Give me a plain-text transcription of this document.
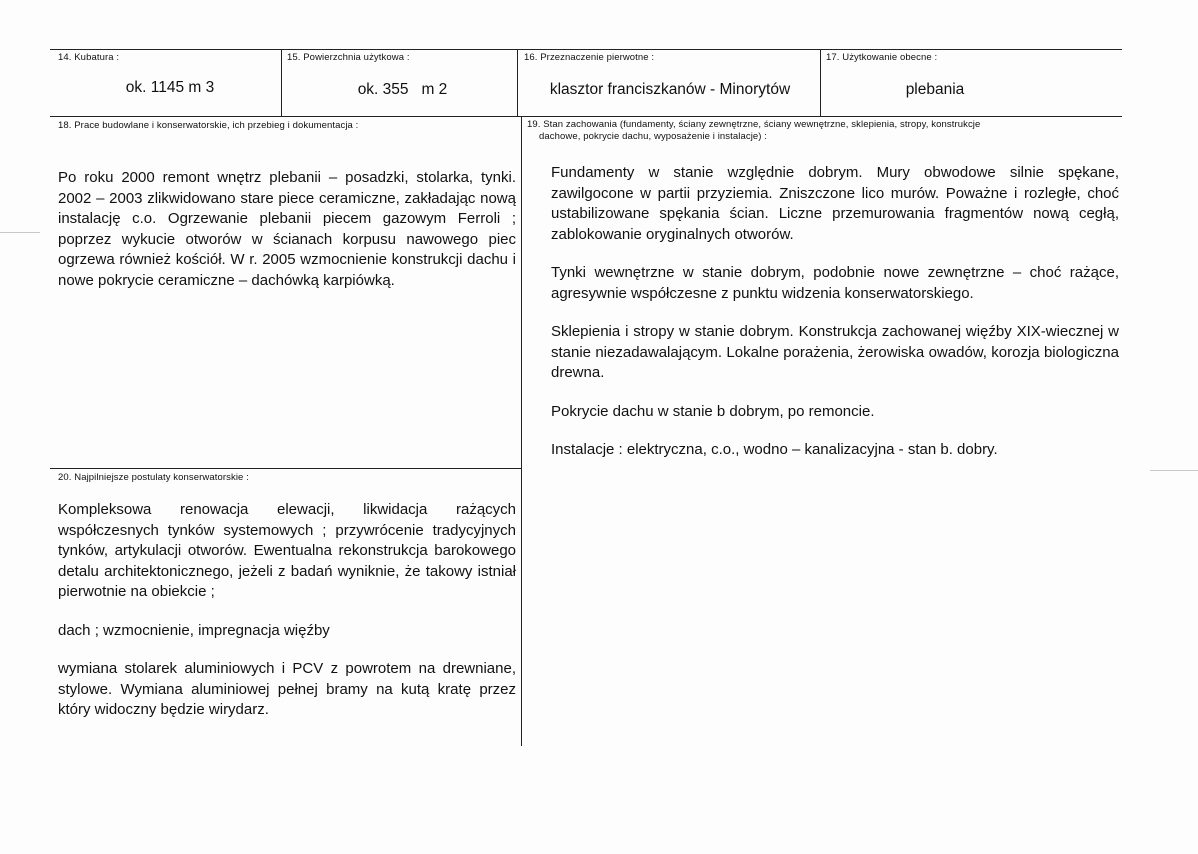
14. Kubatura :
ok. 1145 m 3
15. Powierzchnia użytkowa :
ok. 355   m 2
16. Przeznaczenie pierwotne :
klasztor franciszkanów - Minorytów
17. Użytkowanie obecne :
plebania
18. Prace budowlane i konserwatorskie, ich przebieg i dokumentacja :

Po roku 2000 remont wnętrz plebanii – posadzki, stolarka, tynki. 2002 – 2003 zlikwidowano stare piece ceramiczne, zakładając nową instalację c.o. Ogrzewanie plebanii piecem gazowym Ferroli ; poprzez wykucie otworów w ścianach korpusu nawowego piec ogrzewa również kościół. W r. 2005 wzmocnienie konstrukcji dachu i nowe pokrycie ceramiczne – dachówką karpiówką.

19. Stan zachowania (fundamenty, ściany zewnętrzne, ściany wewnętrzne, sklepienia, stropy, konstrukcje
dachowe, pokrycie dachu, wyposażenie i instalacje) :
Fundamenty w stanie względnie dobrym. Mury obwodowe silnie spękane, zawilgocone w partii przyziemia. Zniszczone lico murów. Poważne i rozległe, choć ustabilizowane spękania ścian. Liczne przemurowania fragmentów nową cegłą, zablokowanie oryginalnych otworów.
Tynki wewnętrzne w stanie dobrym, podobnie nowe zewnętrzne – choć rażące, agresywnie współczesne z punktu widzenia konserwatorskiego.
Sklepienia i stropy w stanie dobrym. Konstrukcja zachowanej więźby XIX-wiecznej w stanie niezadawalającym. Lokalne porażenia, żerowiska owadów, korozja biologiczna drewna.
Pokrycie dachu w stanie b dobrym, po remoncie.
Instalacje : elektryczna, c.o., wodno – kanalizacyjna - stan b. dobry.
20. Najpilniejsze postulaty konserwatorskie :
Kompleksowa renowacja elewacji, likwidacja rażących współczesnych tynków systemowych ; przywrócenie tradycyjnych tynków, artykulacji otworów. Ewentualna rekonstrukcja barokowego detalu architektonicznego, jeżeli z badań wyniknie, że takowy istniał pierwotnie na obiekcie ;
dach ; wzmocnienie, impregnacja więźby
wymiana stolarek aluminiowych i PCV z powrotem na drewniane, stylowe. Wymiana aluminiowej pełnej bramy na kutą kratę przez który widoczny będzie wirydarz.
